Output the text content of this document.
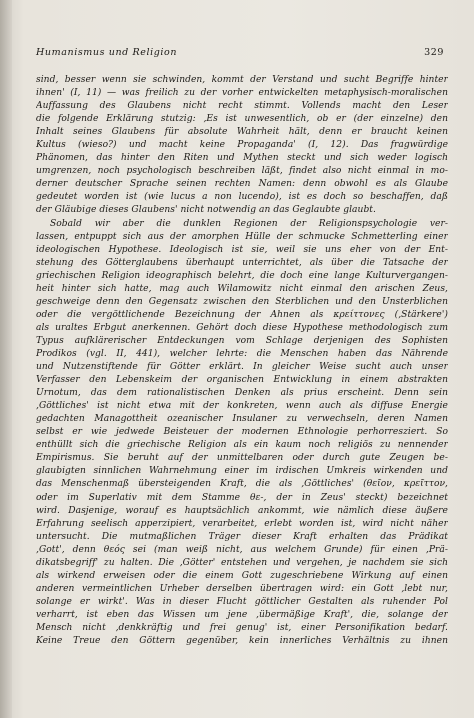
Humanismus und Religion	329
sind, besser wenn sie schwinden, kommt der Verstand und sucht Begriffe hinter
ihnen' (I, 11) — was freilich zu der vorher entwickelten metaphysisch-moralischen
Auffassung des Glaubens nicht recht stimmt. Vollends macht den Leser
die folgende Erklärung stutzig: ‚Es ist unwesentlich, ob er (der einzelne) den
Inhalt seines Glaubens für absolute Wahrheit hält, denn er braucht keinen
Kultus (wieso?) und macht keine Propaganda' (I, 12). Das fragwürdige
Phänomen, das hinter den Riten und Mythen steckt und sich weder logisch
umgrenzen, noch psychologisch beschreiben läßt, findet also nicht einmal in mo-
derner deutscher Sprache seinen rechten Namen: denn obwohl es als Glaube
gedeutet worden ist (wie lucus a non lucendo), ist es doch so beschaffen, daß
der Gläubige dieses Glaubens' nicht notwendig an das Geglaubte glaubt.
Sobald wir aber die dunklen Regionen der Religionspsychologie ver-
lassen, entpuppt sich aus der amorphen Hülle der schmucke Schmetterling einer
ideologischen Hypothese. Ideologisch ist sie, weil sie uns eher von der Ent-
stehung des Götterglaubens überhaupt unterrichtet, als über die Tatsache der
griechischen Religion ideographisch belehrt, die doch eine lange Kulturvergangen-
heit hinter sich hatte, mag auch Wilamowitz nicht einmal den arischen Zeus,
geschweige denn den Gegensatz zwischen den Sterblichen und den Unsterblichen
oder die vergöttlichende Bezeichnung der Ahnen als κρείττονες (‚Stärkere')
als uraltes Erbgut anerkennen. Gehört doch diese Hypothese methodologisch zum
Typus aufklärerischer Entdeckungen vom Schlage derjenigen des Sophisten
Prodikos (vgl. II, 441), welcher lehrte: die Menschen haben das Nährende
und Nutzenstiftende für Götter erklärt. In gleicher Weise sucht auch unser
Verfasser den Lebenskeim der organischen Entwicklung in einem abstrakten
Urnotum, das dem rationalistischen Denken als prius erscheint. Denn sein
‚Göttliches' ist nicht etwa mit der konkreten, wenn auch als diffuse Energie
gedachten Managottheit ozeanischer Insulaner zu verwechseln, deren Namen
selbst er wie jedwede Beisteuer der modernen Ethnologie perhorresziert. So
enthüllt sich die griechische Religion als ein kaum noch religiös zu nennender
Empirismus. Sie beruht auf der unmittelbaren oder durch gute Zeugen be-
glaubigten sinnlichen Wahrnehmung einer im irdischen Umkreis wirkenden und
das Menschenmaß übersteigenden Kraft, die als ‚Göttliches' (θεῖον, κρεῖττον,
oder im Superlativ mit dem Stamme θε-, der in Zeus' steckt) bezeichnet
wird. Dasjenige, worauf es hauptsächlich ankommt, wie nämlich diese äußere
Erfahrung seelisch apperzipiert, verarbeitet, erlebt worden ist, wird nicht näher
untersucht. Die mutmaßlichen Träger dieser Kraft erhalten das Prädikat
‚Gott', denn θεός sei (man weiß nicht, aus welchem Grunde) für einen ‚Prä-
dikatsbegriff' zu halten. Die ‚Götter' entstehen und vergehen, je nachdem sie sich
als wirkend erweisen oder die einem Gott zugeschriebene Wirkung auf einen
anderen vermeintlichen Urheber derselben übertragen wird: ein Gott ‚lebt nur,
solange er wirkt'. Was in dieser Flucht göttlicher Gestalten als ruhender Pol
verharrt, ist eben das Wissen um jene ‚übermäßige Kraft', die, solange der
Mensch nicht ‚denkkräftig und frei genug' ist, einer Personifikation bedarf.
Keine Treue den Göttern gegenüber, kein innerliches Verhältnis zu ihnen
